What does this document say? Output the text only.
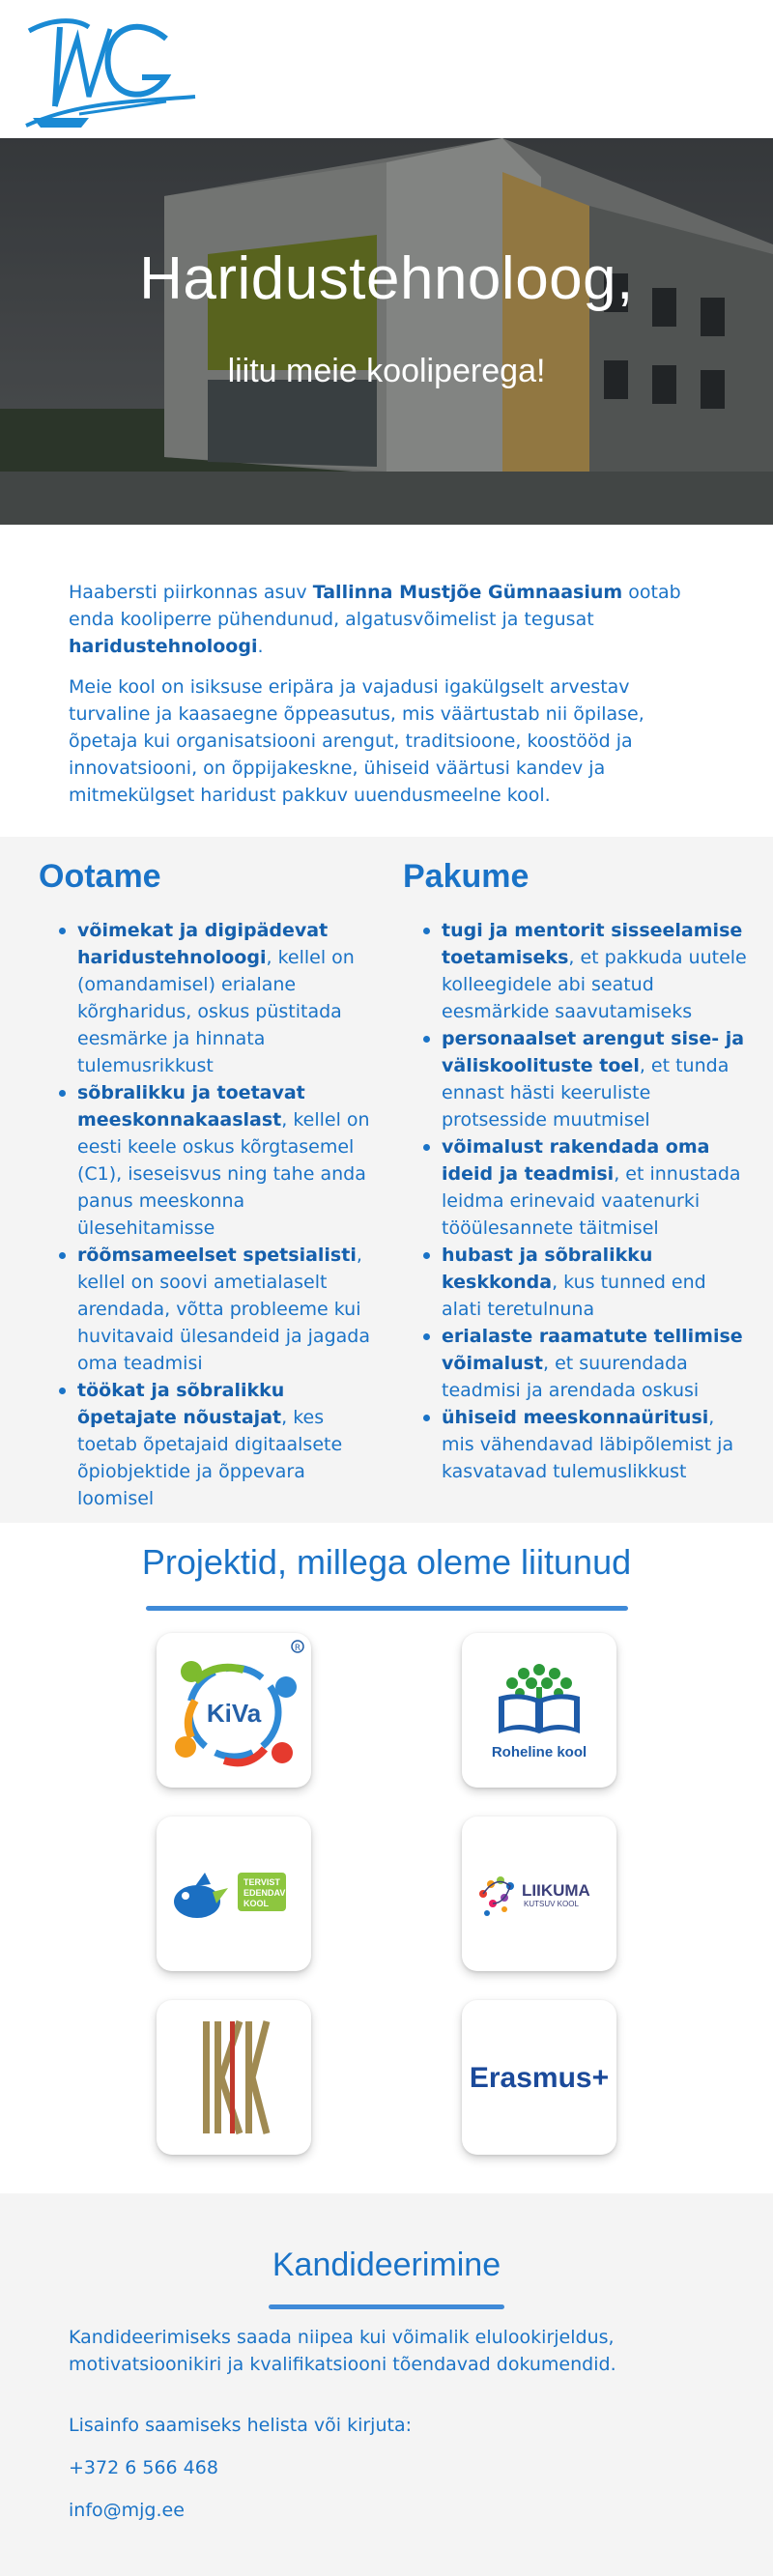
Haridustehnoloog,
liitu meie kooliperega!

Haabersti piirkonnas asuv Tallinna Mustjõe Gümnaasium ootab enda kooliperre pühendunud, algatusvõimelist ja tegusat haridustehnoloogi.

Meie kool on isiksuse eripära ja vajadusi igakülgselt arvestav turvaline ja kaasaegne õppeasutus, mis väärtustab nii õpilase, õpetaja kui organisatsiooni arengut, traditsioone, koostööd ja innovatsiooni, on õppijakeskne, ühiseid väärtusi kandev ja mitmekülgset haridust pakkuv uuendusmeelne kool.

Ootame
võimekat ja digipädevat haridustehnoloogi, kellel on (omandamisel) erialane kõrgharidus, oskus püstitada eesmärke ja hinnata tulemusrikkust
sõbralikku ja toetavat meeskonnakaaslast, kellel on eesti keele oskus kõrgtasemel (C1), iseseisvus ning tahe anda panus meeskonna ülesehitamisse
rõõmsameelset spetsialisti, kellel on soovi ametialaselt arendada, võtta probleeme kui huvitavaid ülesandeid ja jagada oma teadmisi
töökat ja sõbralikku õpetajate nõustajat, kes toetab õpetajaid digitaalsete õpiobjektide ja õppevara loomisel
Pakume
tugi ja mentorit sisseelamise toetamiseks, et pakkuda uutele kolleegidele abi seatud eesmärkide saavutamiseks
personaalset arengut sise- ja väliskoolituste toel, et tunda ennast hästi keeruliste protsesside muutmisel
võimalust rakendada oma ideid ja teadmisi, et innustada leidma erinevaid vaatenurki tööülesannete täitmisel
hubast ja sõbralikku keskkonda, kus tunned end alati teretulnuna
erialaste raamatute tellimise võimalust, et suurendada teadmisi ja arendada oskusi
ühiseid meeskonnaüritusi, mis vähendavad läbipõlemist ja kasvatavad tulemuslikkust
Projektid, millega oleme liitunud
KiVa
R
Roheline kool
TERVIST
EDENDAV
KOOL
LIIKUMA
KUTSUV KOOL
Erasmus+
Kandideerimine
Kandideerimiseks saada niipea kui võimalik elulookirjeldus, motivatsioonikiri ja kvalifikatsiooni tõendavad dokumendid.
Lisainfo saamiseks helista või kirjuta:
+372 6 566 468
info@mjg.ee
